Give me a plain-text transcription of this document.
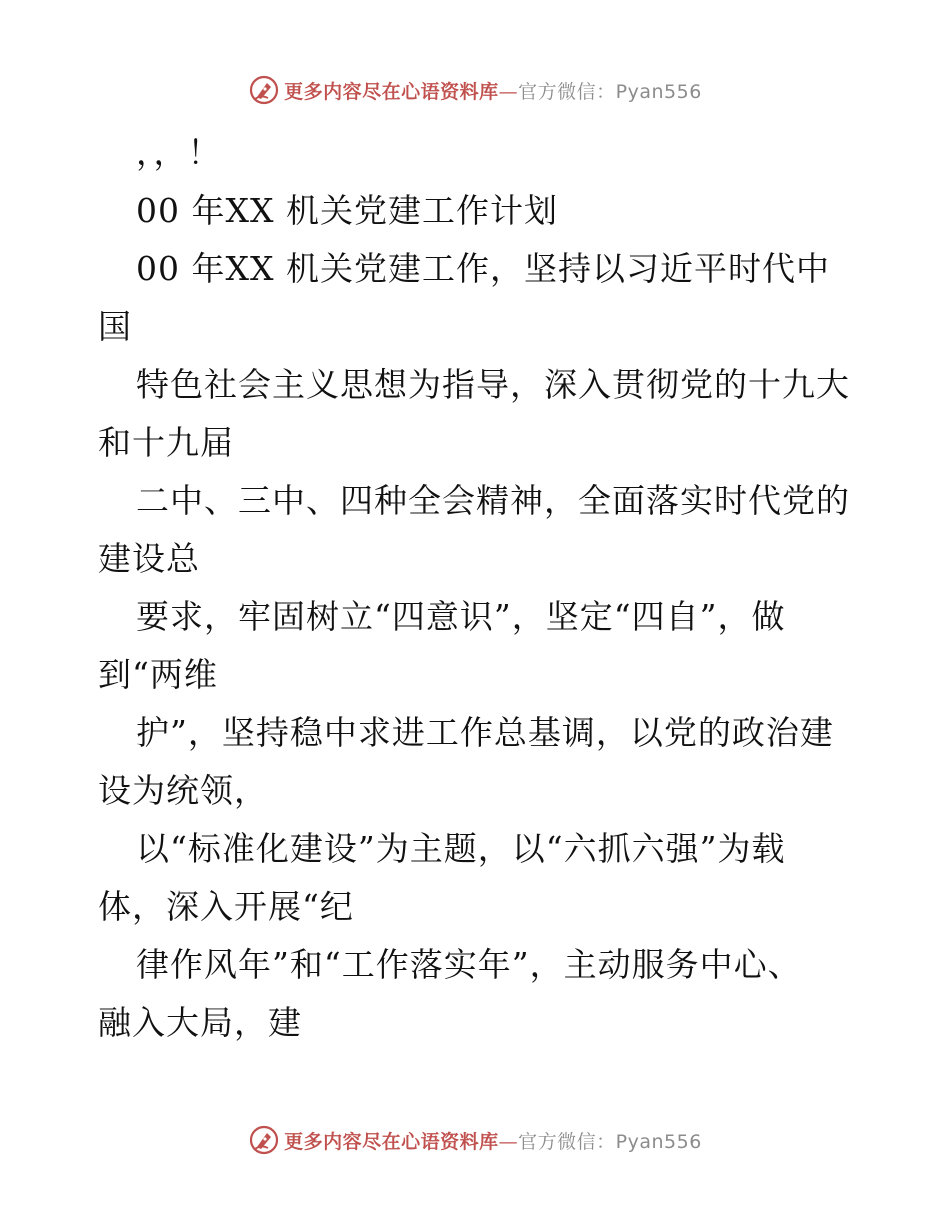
更多内容尽在心语资料库—官方微信：Pyan556
，，！
00 年XX 机关党建工作计划
00 年XX 机关党建工作，坚持以习近平时代中
国
特色社会主义思想为指导，深入贯彻党的十九大
和十九届
二中、三中、四种全会精神，全面落实时代党的
建设总
要求，牢固树立“四意识”，坚定“四自”，做
到“两维
护”，坚持稳中求进工作总基调，以党的政治建
设为统领，
以“标准化建设”为主题，以“六抓六强”为载
体，深入开展“纪
律作风年”和“工作落实年”，主动服务中心、
融入大局，建
更多内容尽在心语资料库—官方微信：Pyan556
